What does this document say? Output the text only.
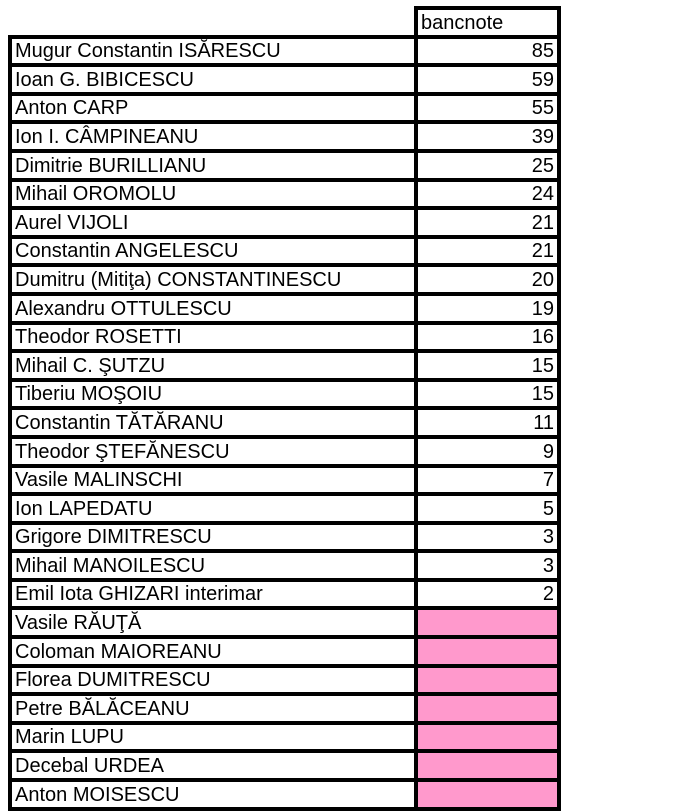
	bancnote
Mugur Constantin ISĂRESCU	85
Ioan G. BIBICESCU	59
Anton CARP	55
Ion I. CÂMPINEANU	39
Dimitrie BURILLIANU	25
Mihail OROMOLU	24
Aurel VIJOLI	21
Constantin ANGELESCU	21
Dumitru (Mitiţa) CONSTANTINESCU	20
Alexandru OTTULESCU	19
Theodor ROSETTI	16
Mihail C. ŞUTZU	15
Tiberiu MOŞOIU	15
Constantin TĂTĂRANU	11
Theodor ŞTEFĂNESCU	9
Vasile MALINSCHI	7
Ion LAPEDATU	5
Grigore DIMITRESCU	3
Mihail MANOILESCU	3
Emil Iota GHIZARI interimar	2
Vasile RĂUŢĂ	
Coloman MAIOREANU	
Florea DUMITRESCU	
Petre BĂLĂCEANU	
Marin LUPU	
Decebal URDEA	
Anton MOISESCU	
